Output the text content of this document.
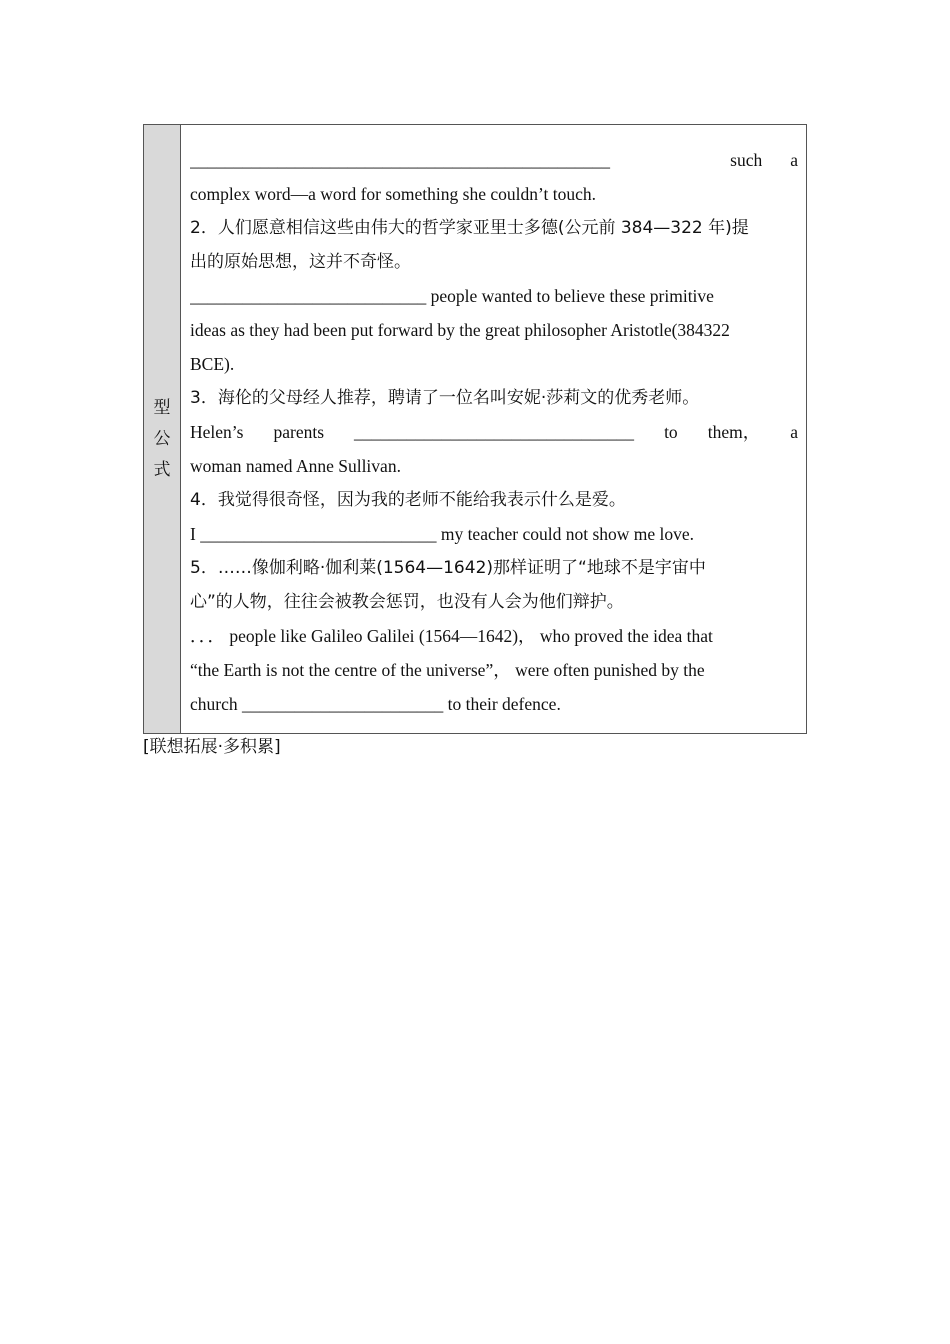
型
公
式
________________________________________________	such a
complex word—a word for something she couldn’t touch.
2．人们愿意相信这些由伟大的哲学家亚里士多德(公元前 384—322 年)提
出的原始思想，这并不奇怪。
___________________________ people wanted to believe these primitive
ideas as they had been put forward by the great philosopher Aristotle(384322
BCE).
3．海伦的父母经人推荐，聘请了一位名叫安妮·莎莉文的优秀老师。
Helen’s parents ________________________________ to them， a
woman named Anne Sullivan.
4．我觉得很奇怪，因为我的老师不能给我表示什么是爱。
I ___________________________ my teacher could not show me love.
5．……像伽利略·伽利莱(1564—1642)那样证明了“地球不是宇宙中
心”的人物，往往会被教会惩罚，也没有人会为他们辩护。
．．． people like Galileo Galilei (1564—1642)， who proved the idea that
“the Earth is not the centre of the universe”， were often punished by the
church _______________________ to their defence.
[联想拓展·多积累]
